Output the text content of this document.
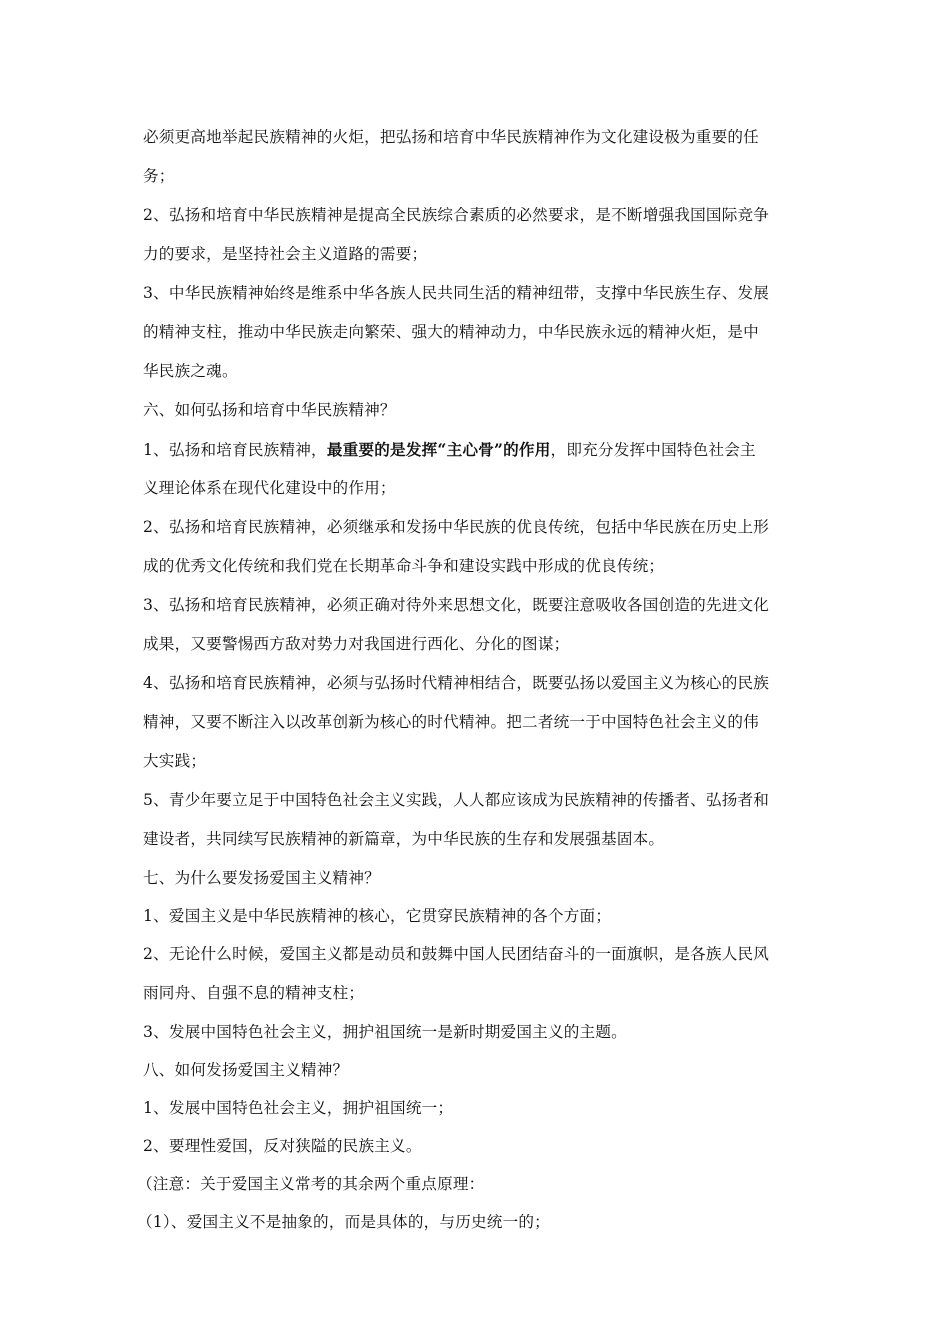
必须更高地举起民族精神的火炬，把弘扬和培育中华民族精神作为文化建设极为重要的任
务；
2、弘扬和培育中华民族精神是提高全民族综合素质的必然要求，是不断增强我国国际竞争
力的要求，是坚持社会主义道路的需要；
3、中华民族精神始终是维系中华各族人民共同生活的精神纽带，支撑中华民族生存、发展
的精神支柱，推动中华民族走向繁荣、强大的精神动力，中华民族永远的精神火炬，是中
华民族之魂。
六、如何弘扬和培育中华民族精神？
1、弘扬和培育民族精神，最重要的是发挥“主心骨”的作用，即充分发挥中国特色社会主
义理论体系在现代化建设中的作用；
2、弘扬和培育民族精神，必须继承和发扬中华民族的优良传统，包括中华民族在历史上形
成的优秀文化传统和我们党在长期革命斗争和建设实践中形成的优良传统；
3、弘扬和培育民族精神，必须正确对待外来思想文化，既要注意吸收各国创造的先进文化
成果，又要警惕西方敌对势力对我国进行西化、分化的图谋；
4、弘扬和培育民族精神，必须与弘扬时代精神相结合，既要弘扬以爱国主义为核心的民族
精神，又要不断注入以改革创新为核心的时代精神。把二者统一于中国特色社会主义的伟
大实践；
5、青少年要立足于中国特色社会主义实践，人人都应该成为民族精神的传播者、弘扬者和
建设者，共同续写民族精神的新篇章，为中华民族的生存和发展强基固本。
七、为什么要发扬爱国主义精神？
1、爱国主义是中华民族精神的核心，它贯穿民族精神的各个方面；
2、无论什么时候，爱国主义都是动员和鼓舞中国人民团结奋斗的一面旗帜，是各族人民风
雨同舟、自强不息的精神支柱；
3、发展中国特色社会主义，拥护祖国统一是新时期爱国主义的主题。
八、如何发扬爱国主义精神？
1、发展中国特色社会主义，拥护祖国统一；
2、要理性爱国，反对狭隘的民族主义。
（注意：关于爱国主义常考的其余两个重点原理：
（1）、爱国主义不是抽象的，而是具体的，与历史统一的；
